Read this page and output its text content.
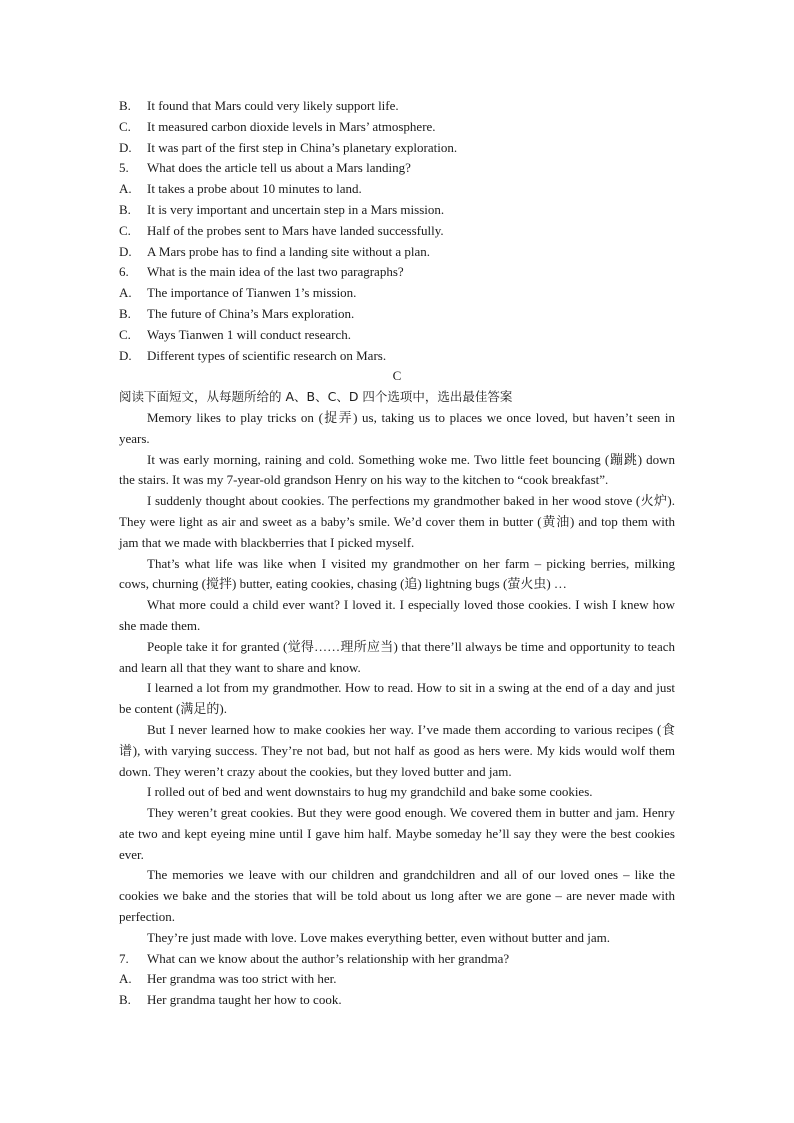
B.	It found that Mars could very likely support life.
C.	It measured carbon dioxide levels in Mars’ atmosphere.
D.	It was part of the first step in China’s planetary exploration.
5.	What does the article tell us about a Mars landing?
A.	It takes a probe about 10 minutes to land.
B.	It is very important and uncertain step in a Mars mission.
C.	Half of the probes sent to Mars have landed successfully.
D.	A Mars probe has to find a landing site without a plan.
6.	What is the main idea of the last two paragraphs?
A.	The importance of Tianwen 1’s mission.
B.	The future of China’s Mars exploration.
C.	Ways Tianwen 1 will conduct research.
D.	Different types of scientific research on Mars.
C
阅读下面短文，从每题所给的 A、B、C、D 四个选项中，选出最佳答案

Memory likes to play tricks on (捉弄) us, taking us to places we once loved, but haven’t seen in years.

It was early morning, raining and cold. Something woke me. Two little feet bouncing (蹦跳) down the stairs. It was my 7-year-old grandson Henry on his way to the kitchen to “cook breakfast”.

I suddenly thought about cookies. The perfections my grandmother baked in her wood stove (火炉). They were light as air and sweet as a baby’s smile. We’d cover them in butter (黄油) and top them with jam that we made with blackberries that I picked myself.

That’s what life was like when I visited my grandmother on her farm – picking berries, milking cows, churning (搅拌) butter, eating cookies, chasing (追) lightning bugs (萤火虫) …

What more could a child ever want? I loved it. I especially loved those cookies. I wish I knew how she made them.

People take it for granted (觉得……理所应当) that there’ll always be time and opportunity to teach and learn all that they want to share and know.

I learned a lot from my grandmother. How to read. How to sit in a swing at the end of a day and just be content (满足的).

But I never learned how to make cookies her way. I’ve made them according to various recipes (食谱), with varying success. They’re not bad, but not half as good as hers were. My kids would wolf them down. They weren’t crazy about the cookies, but they loved butter and jam.

I rolled out of bed and went downstairs to hug my grandchild and bake some cookies.

They weren’t great cookies. But they were good enough. We covered them in butter and jam. Henry ate two and kept eyeing mine until I gave him half. Maybe someday he’ll say they were the best cookies ever.

The memories we leave with our children and grandchildren and all of our loved ones – like the cookies we bake and the stories that will be told about us long after we are gone – are never made with perfection.

They’re just made with love. Love makes everything better, even without butter and jam.

7.	What can we know about the author’s relationship with her grandma?
A.	Her grandma was too strict with her.
B.	Her grandma taught her how to cook.
